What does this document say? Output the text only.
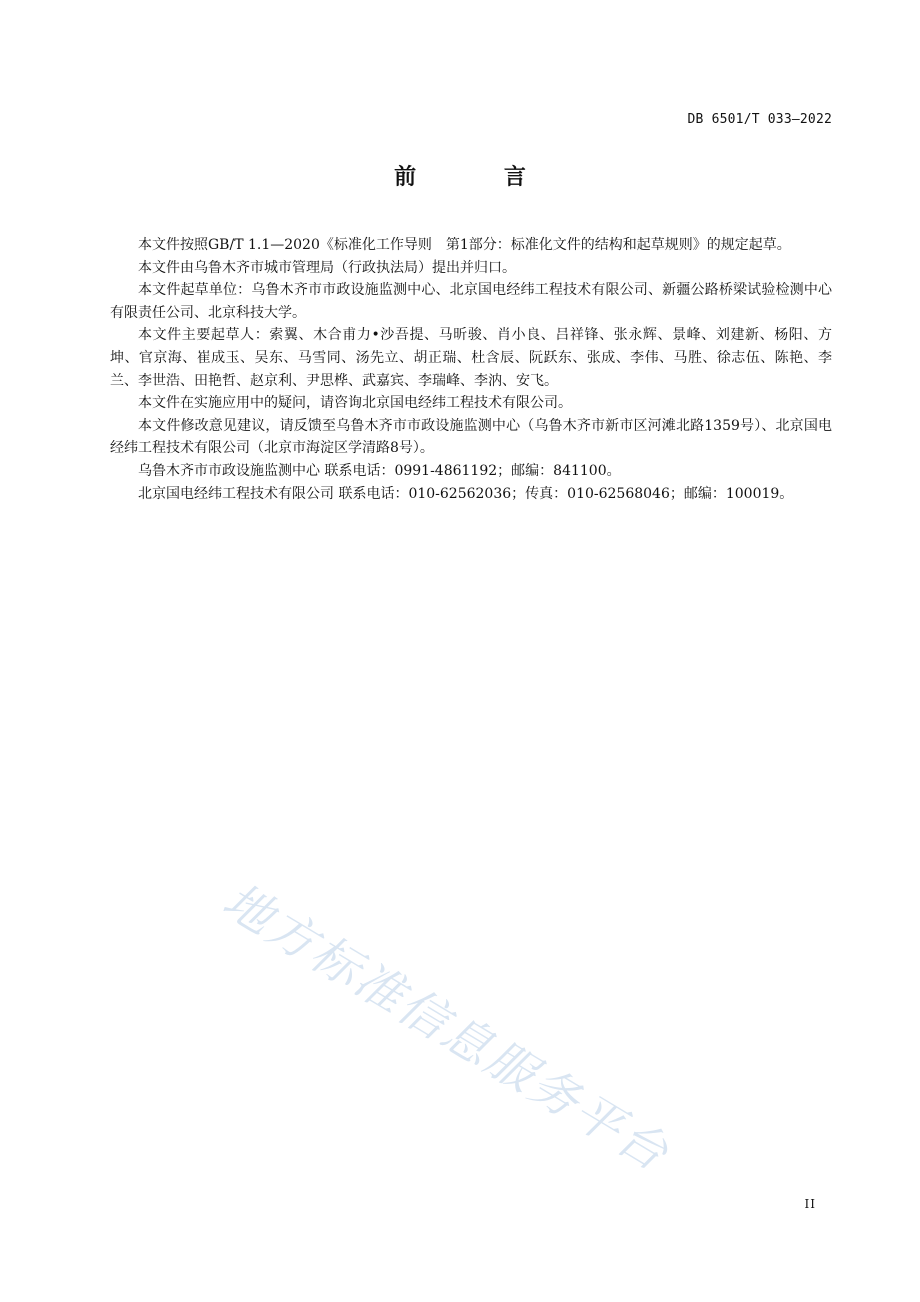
DB 6501/T 033—2022
前 言

本文件按照GB/T 1.1—2020《标准化工作导则　第1部分：标准化文件的结构和起草规则》的规定起草。

本文件由乌鲁木齐市城市管理局（行政执法局）提出并归口。

本文件起草单位：乌鲁木齐市市政设施监测中心、北京国电经纬工程技术有限公司、新疆公路桥梁试验检测中心有限责任公司、北京科技大学。

本文件主要起草人：索翼、木合甫力•沙吾提、马昕骏、肖小良、吕祥锋、张永辉、景峰、刘建新、杨阳、方坤、官京海、崔成玉、吴东、马雪同、汤先立、胡正瑞、杜含辰、阮跃东、张成、李伟、马胜、徐志伍、陈艳、李兰、李世浩、田艳哲、赵京利、尹思桦、武嘉宾、李瑞峰、李汭、安飞。

本文件在实施应用中的疑问，请咨询北京国电经纬工程技术有限公司。

本文件修改意见建议，请反馈至乌鲁木齐市市政设施监测中心（乌鲁木齐市新市区河滩北路1359号）、北京国电经纬工程技术有限公司（北京市海淀区学清路8号）。

乌鲁木齐市市政设施监测中心 联系电话：0991-4861192；邮编：841100。

北京国电经纬工程技术有限公司 联系电话：010-62562036；传真：010-62568046；邮编：100019。

地方标准信息服务平台
II
